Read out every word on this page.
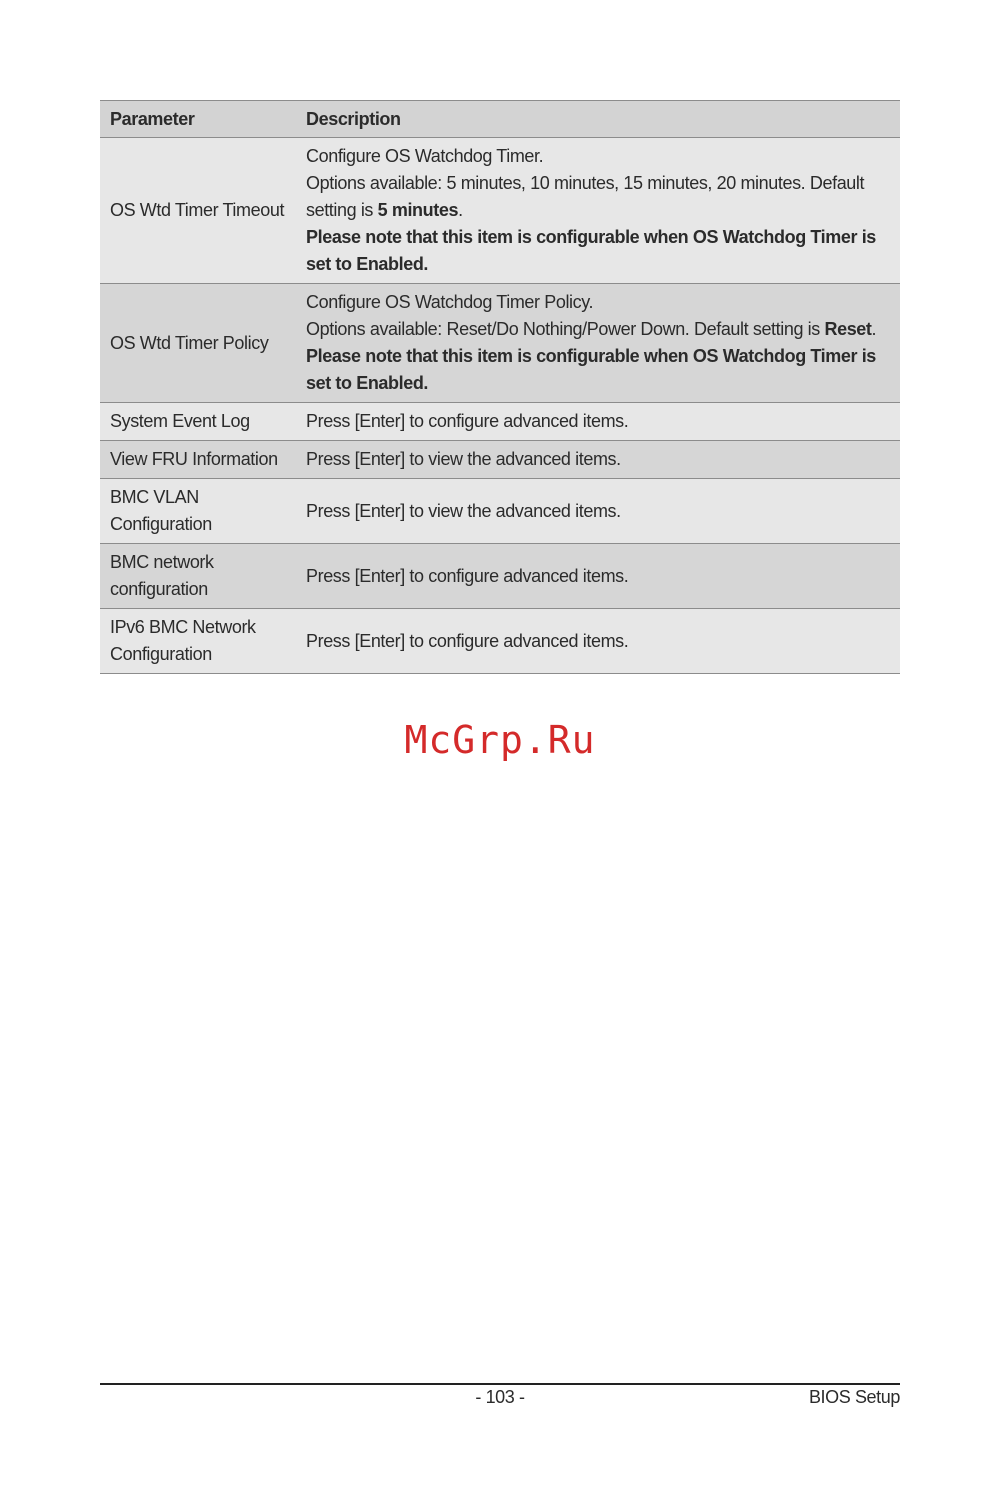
Parameter	Description
OS Wtd Timer Timeout	Configure OS Watchdog Timer.
Options available: 5 minutes, 10 minutes, 15 minutes, 20 minutes. Default setting is 5 minutes.
Please note that this item is configurable when OS Watchdog Timer is set to Enabled.

OS Wtd Timer Policy	Configure OS Watchdog Timer Policy.
Options available: Reset/Do Nothing/Power Down. Default setting is Reset.
Please note that this item is configurable when OS Watchdog Timer is set to Enabled.

System Event Log	Press [Enter] to configure advanced items.
View FRU Information	Press [Enter] to view the advanced items.
BMC VLAN Configuration	Press [Enter] to view the advanced items.
BMC network configuration	Press [Enter] to configure advanced items.
IPv6 BMC Network Configuration	Press [Enter] to configure advanced items.
McGrp.Ru
- 103 -	BIOS Setup
